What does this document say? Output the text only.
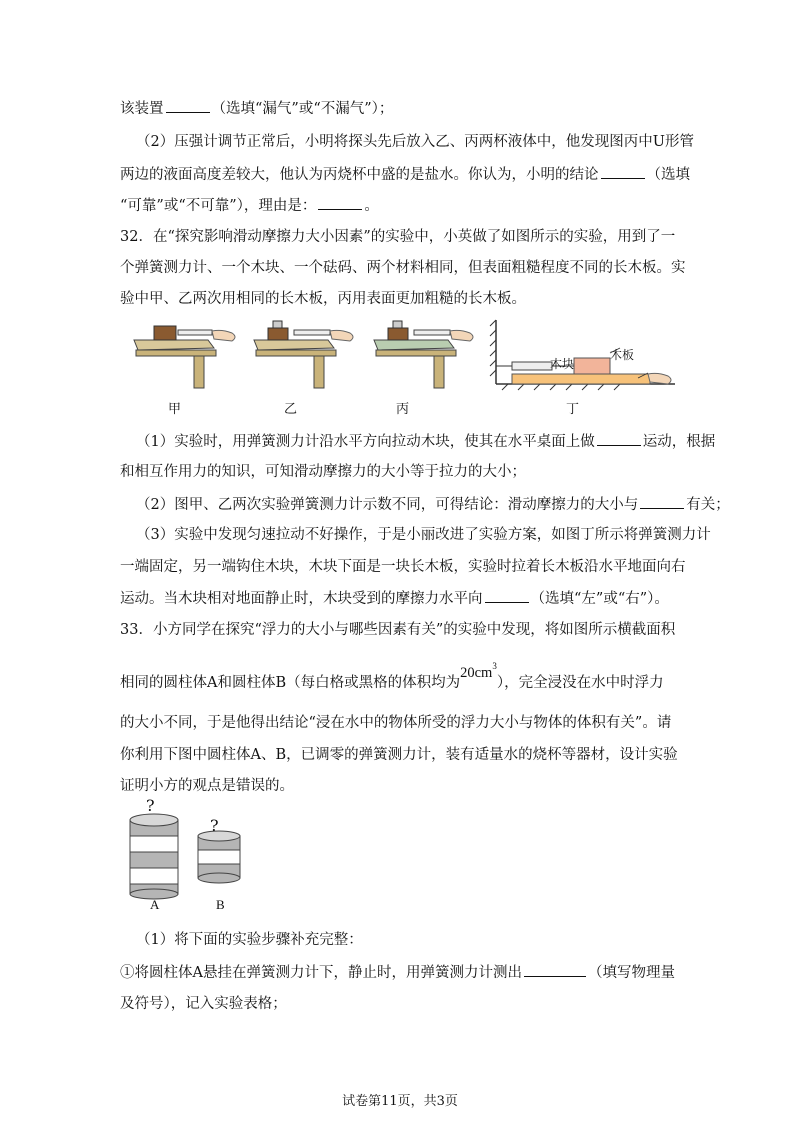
该装置	（选填“漏气”或“不漏气”）；
（2）压强计调节正常后，小明将探头先后放入乙、丙两杯液体中，他发现图丙中U形管
两边的液面高度差较大，他认为丙烧杯中盛的是盐水。你认为，小明的结论	（选填
“可靠”或“不可靠”），理由是：	。
32．在“探究影响滑动摩擦力大小因素”的实验中，小英做了如图所示的实验，用到了一
个弹簧测力计、一个木块、一个砝码、两个材料相同，但表面粗糙程度不同的长木板。实
验中甲、乙两次用相同的长木板，丙用表面更加粗糙的长木板。
木块
木板
甲	乙	丙	丁
（1）实验时，用弹簧测力计沿水平方向拉动木块，使其在水平桌面上做	运动，根据
和相互作用力的知识，可知滑动摩擦力的大小等于拉力的大小；
（2）图甲、乙两次实验弹簧测力计示数不同，可得结论：滑动摩擦力的大小与	有关；
（3）实验中发现匀速拉动不好操作，于是小丽改进了实验方案，如图丁所示将弹簧测力计
一端固定，另一端钩住木块，木块下面是一块长木板，实验时拉着长木板沿水平地面向右
运动。当木块相对地面静止时，木块受到的摩擦力水平向	（选填“左”或“右”）。
33．小方同学在探究“浮力的大小与哪些因素有关”的实验中发现，将如图所示横截面积
相同的圆柱体A和圆柱体B（每白格或黑格的体积均为$20cm^3$），完全浸没在水中时浮力
的大小不同，于是他得出结论“浸在水中的物体所受的浮力大小与物体的体积有关”。请
你利用下图中圆柱体A、B，已调零的弹簧测力计，装有适量水的烧杯等器材，设计实验
证明小方的观点是错误的。
?
?
A	B
（1）将下面的实验步骤补充完整：
①将圆柱体A悬挂在弹簧测力计下，静止时，用弹簧测力计测出	（填写物理量
及符号），记入实验表格；
试卷第11页，共3页
